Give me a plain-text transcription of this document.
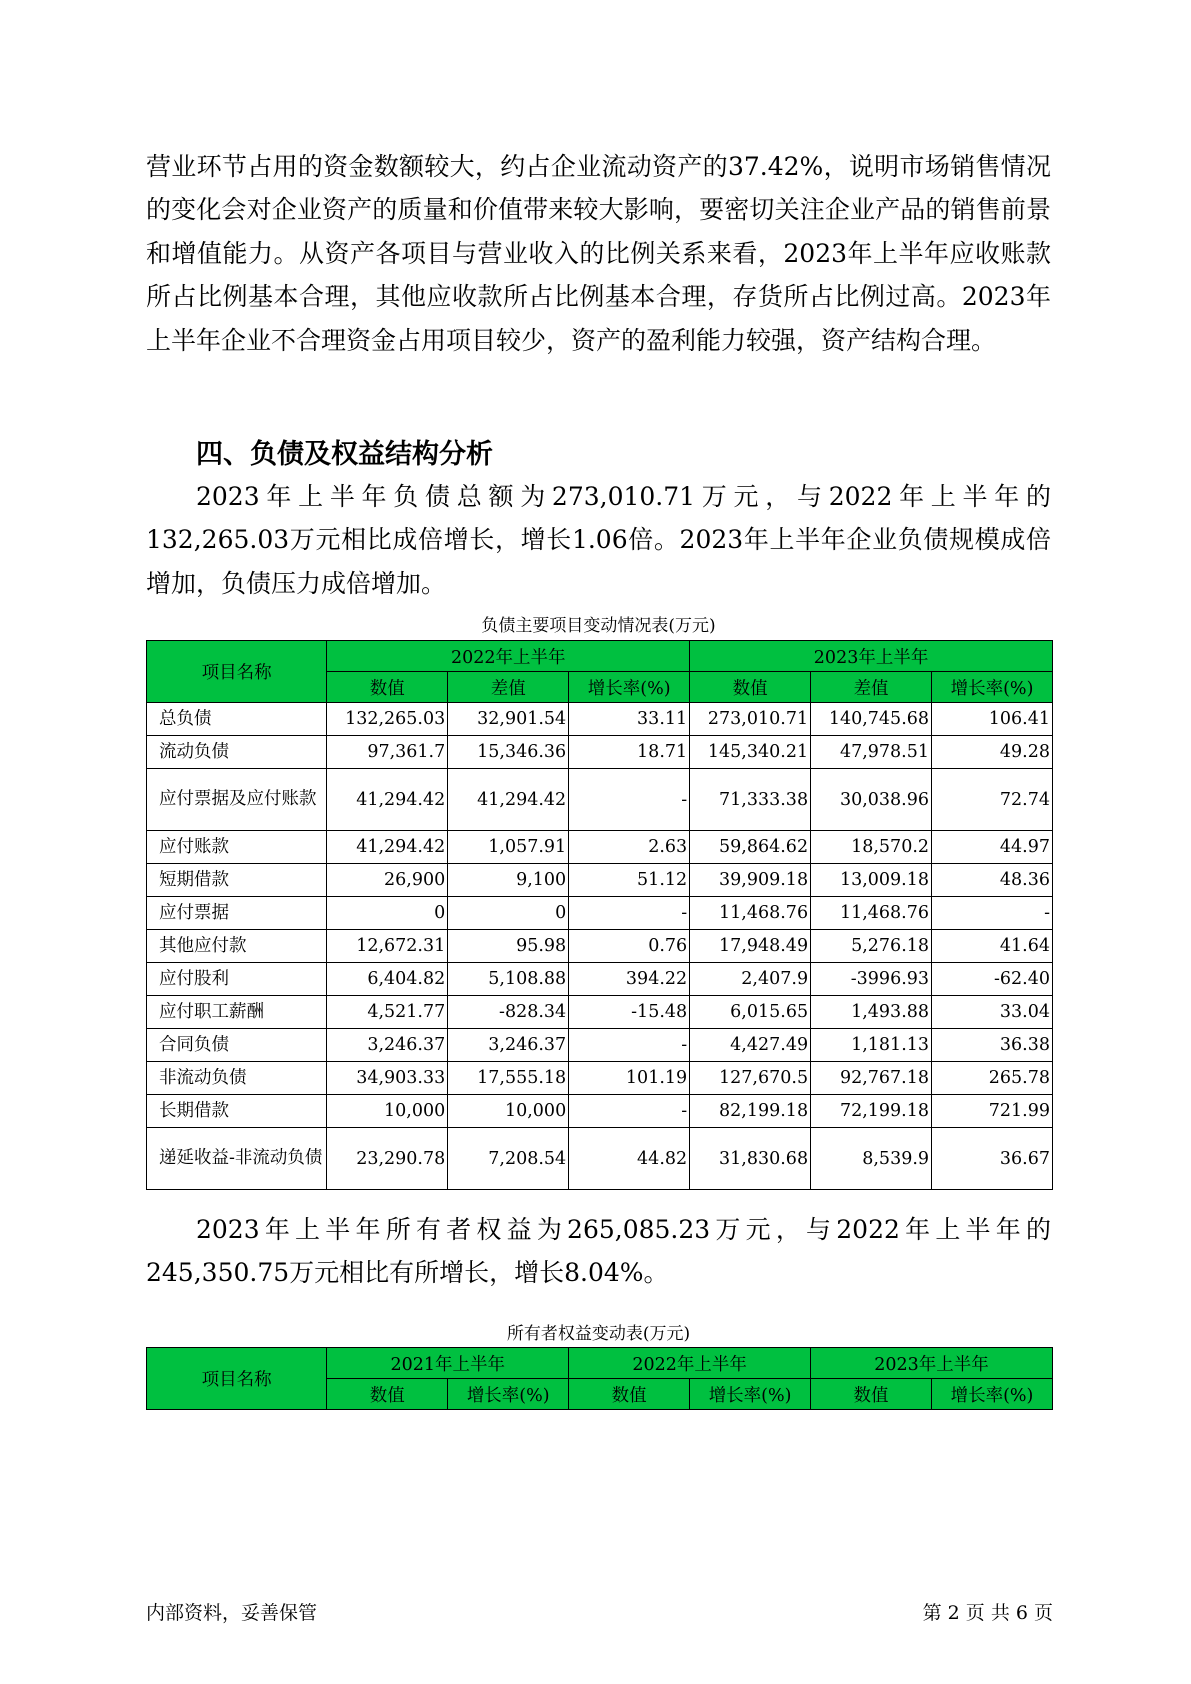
营业环节占用的资金数额较大，约占企业流动资产的37.42%，说明市场销售情况的变化会对企业资产的质量和价值带来较大影响，要密切关注企业产品的销售前景和增值能力。从资产各项目与营业收入的比例关系来看，2023年上半年应收账款所占比例基本合理，其他应收款所占比例基本合理，存货所占比例过高。2023年上半年企业不合理资金占用项目较少，资产的盈利能力较强，资产结构合理。

四、负债及权益结构分析

2023年上半年负债总额为273,010.71万元，与2022年上半年的132,265.03万元相比成倍增长，增长1.06倍。2023年上半年企业负债规模成倍增加，负债压力成倍增加。

负债主要项目变动情况表(万元)

项目名称	2022年上半年			2023年上半年		
	数值	差值	增长率(%)	数值	差值	增长率(%)
总负债	132,265.03	32,901.54	33.11	273,010.71	140,745.68	106.41
流动负债	97,361.7	15,346.36	18.71	145,340.21	47,978.51	49.28
应付票据及应付账款	41,294.42	41,294.42	-	71,333.38	30,038.96	72.74
应付账款	41,294.42	1,057.91	2.63	59,864.62	18,570.2	44.97
短期借款	26,900	9,100	51.12	39,909.18	13,009.18	48.36
应付票据	0	0	-	11,468.76	11,468.76	-
其他应付款	12,672.31	95.98	0.76	17,948.49	5,276.18	41.64
应付股利	6,404.82	5,108.88	394.22	2,407.9	-3996.93	-62.40
应付职工薪酬	4,521.77	-828.34	-15.48	6,015.65	1,493.88	33.04
合同负债	3,246.37	3,246.37	-	4,427.49	1,181.13	36.38
非流动负债	34,903.33	17,555.18	101.19	127,670.5	92,767.18	265.78
长期借款	10,000	10,000	-	82,199.18	72,199.18	721.99
递延收益-非流动负债	23,290.78	7,208.54	44.82	31,830.68	8,539.9	36.67

2023年上半年所有者权益为265,085.23万元，与2022年上半年的245,350.75万元相比有所增长，增长8.04%。

所有者权益变动表(万元)

项目名称	2021年上半年		2022年上半年		2023年上半年	
	数值	增长率(%)	数值	增长率(%)	数值	增长率(%)

内部资料，妥善保管	第 2 页 共 6 页
